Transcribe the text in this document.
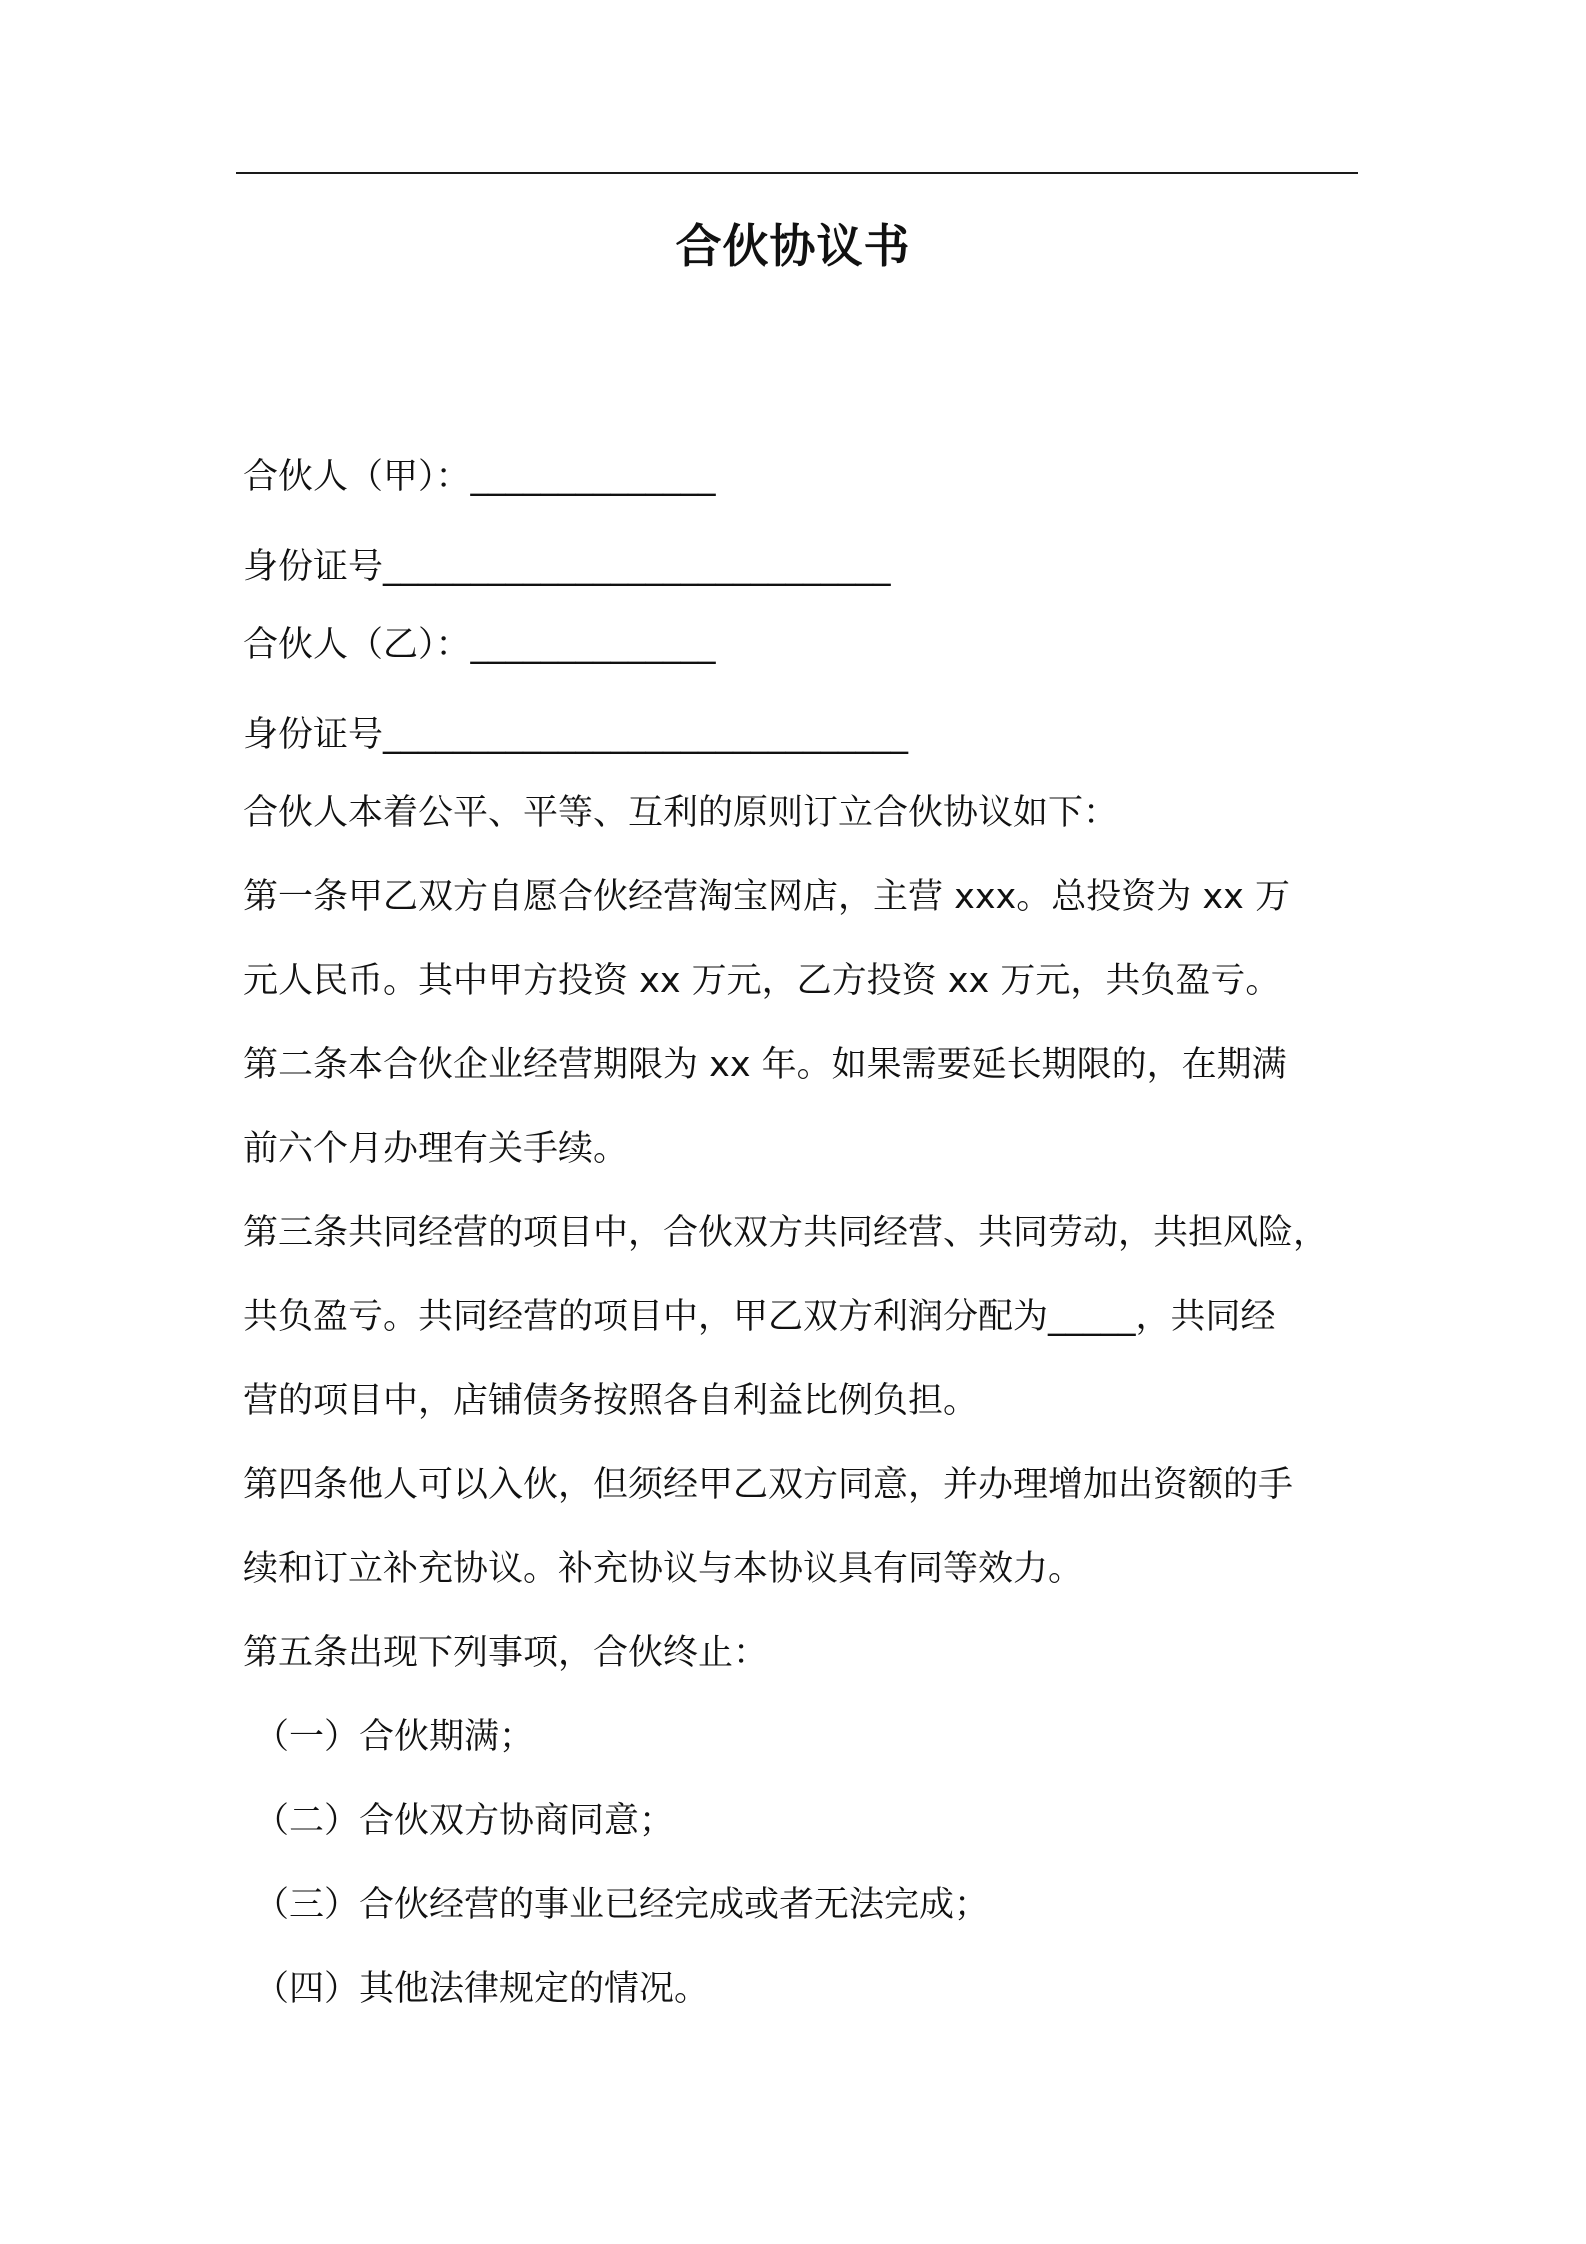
合伙协议书
合伙人（甲）：______________
身份证号_____________________________
合伙人（乙）：______________
身份证号______________________________
合伙人本着公平、平等、互利的原则订立合伙协议如下：
第一条甲乙双方自愿合伙经营淘宝网店，主营 xxx。总投资为 xx 万
元人民币。其中甲方投资 xx 万元，乙方投资 xx 万元，共负盈亏。
第二条本合伙企业经营期限为 xx 年。如果需要延长期限的，在期满
前六个月办理有关手续。
第三条共同经营的项目中，合伙双方共同经营、共同劳动，共担风险，
共负盈亏。共同经营的项目中，甲乙双方利润分配为_____，共同经
营的项目中，店铺债务按照各自利益比例负担。
第四条他人可以入伙，但须经甲乙双方同意，并办理增加出资额的手
续和订立补充协议。补充协议与本协议具有同等效力。
第五条出现下列事项，合伙终止：
（一）合伙期满；
（二）合伙双方协商同意；
（三）合伙经营的事业已经完成或者无法完成；
（四）其他法律规定的情况。
